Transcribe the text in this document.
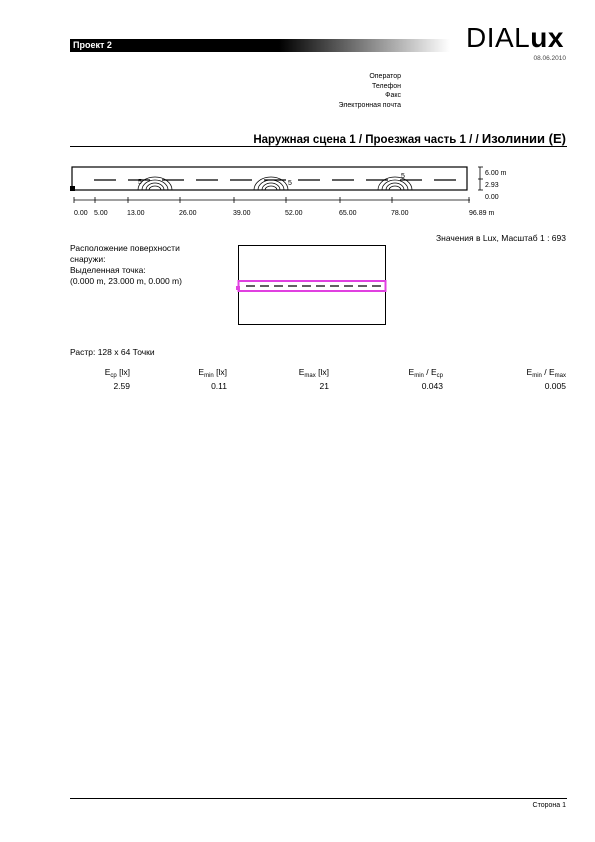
Проект 2	DIALux
08.06.2010
Оператор
Телефон
Факс
Электронная почта
Наружная сцена 1 / Проезжая часть 1 / / Изолинии (E)
5	5
5
0.00 5.00	13.00	26.00	39.00	52.00	65.00	78.00	96.89 m
6.00 m
2.93
0.00
Значения в Lux, Масштаб 1 : 693
Расположение поверхности
снаружи:
Выделенная точка:
(0.000 m, 23.000 m, 0.000 m)
Растр: 128 x 64 Точки
$E_{ср}$ [lx]	$E_{min}$ [lx]	$E_{max}$ [lx]	$E_{min} / E_{ср}$	$E_{min} / E_{max}$
2.59	0.11	21	0.043	0.005
Сторона 1
